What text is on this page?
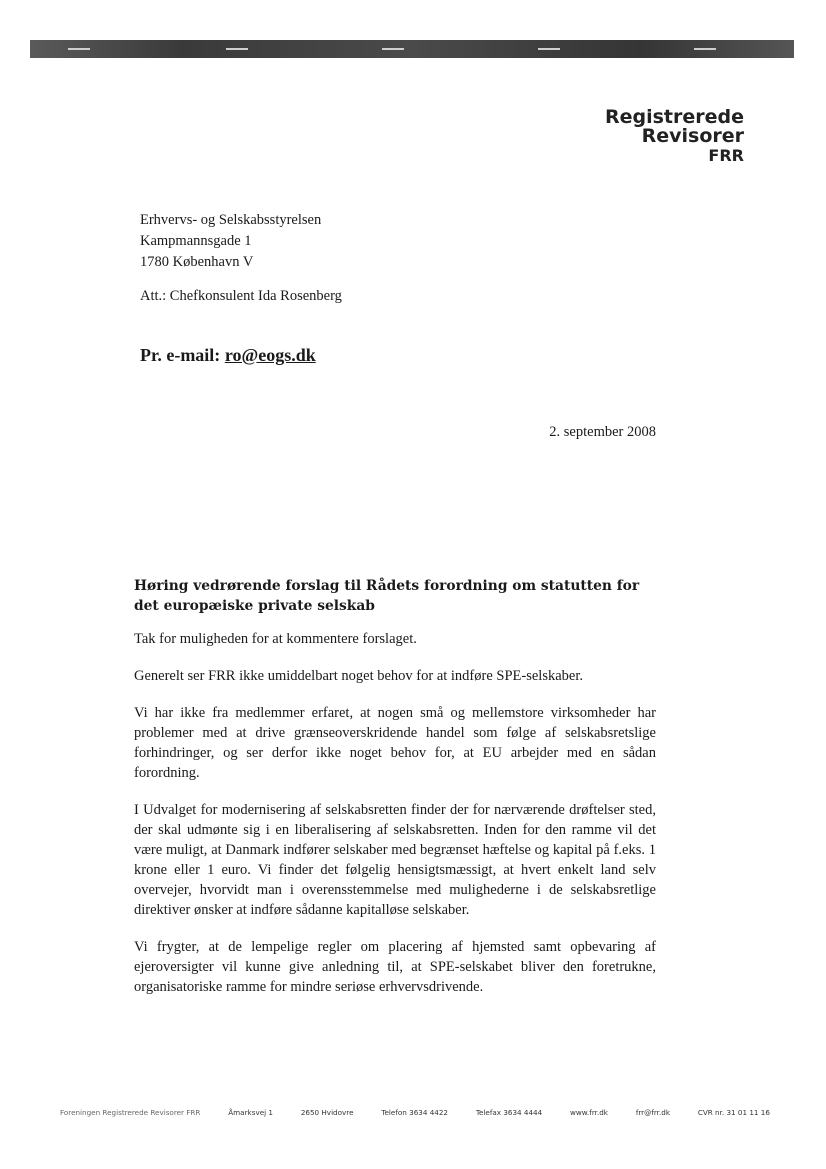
Registrerede
Revisorer
FRR
Erhvervs- og Selskabsstyrelsen
Kampmannsgade 1
1780 København V
Att.: Chefkonsulent Ida Rosenberg
Pr. e-mail: ro@eogs.dk
2. september 2008
Høring vedrørende forslag til Rådets forordning om statutten for det europæiske private selskab

Tak for muligheden for at kommentere forslaget.

Generelt ser FRR ikke umiddelbart noget behov for at indføre SPE-selskaber.

Vi har ikke fra medlemmer erfaret, at nogen små og mellemstore virksomheder har problemer med at drive grænseoverskridende handel som følge af selskabsretslige forhindringer, og ser derfor ikke noget behov for, at EU arbejder med en sådan forordning.

I Udvalget for modernisering af selskabsretten finder der for nærværende drøftelser sted, der skal udmønte sig i en liberalisering af selskabsretten. Inden for den ramme vil det være muligt, at Danmark indfører selskaber med begrænset hæftelse og kapital på f.eks. 1 krone eller 1 euro. Vi finder det følgelig hensigtsmæssigt, at hvert enkelt land selv overvejer, hvorvidt man i overensstemmelse med mulighederne i de selskabsretlige direktiver ønsker at indføre sådanne kapitalløse selskaber.

Vi frygter, at de lempelige regler om placering af hjemsted samt opbevaring af ejeroversigter vil kunne give anledning til, at SPE-selskabet bliver den foretrukne, organisatoriske ramme for mindre seriøse erhvervsdrivende.

Foreningen Registrerede Revisorer FRR	Åmarksvej 1	2650 Hvidovre	Telefon 3634 4422	Telefax 3634 4444	www.frr.dk	frr@frr.dk	CVR nr. 31 01 11 16
